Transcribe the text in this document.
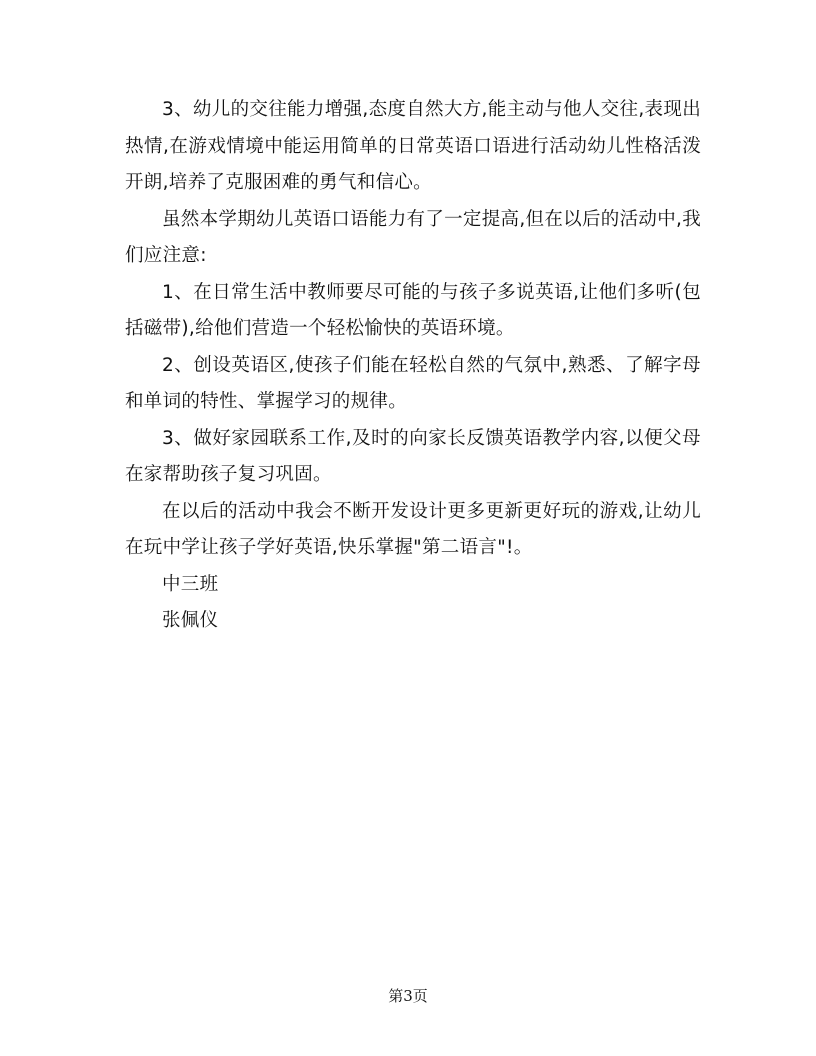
3、幼儿的交往能力增强,态度自然大方,能主动与他人交往,表现出热情,在游戏情境中能运用简单的日常英语口语进行活动幼儿性格活泼开朗,培养了克服困难的勇气和信心。

虽然本学期幼儿英语口语能力有了一定提高,但在以后的活动中,我们应注意:

1、在日常生活中教师要尽可能的与孩子多说英语,让他们多听(包括磁带),给他们营造一个轻松愉快的英语环境。

2、创设英语区,使孩子们能在轻松自然的气氛中,熟悉、了解字母和单词的特性、掌握学习的规律。

3、做好家园联系工作,及时的向家长反馈英语教学内容,以便父母在家帮助孩子复习巩固。

在以后的活动中我会不断开发设计更多更新更好玩的游戏,让幼儿在玩中学让孩子学好英语,快乐掌握"第二语言"!。

中三班

张佩仪

第3页
